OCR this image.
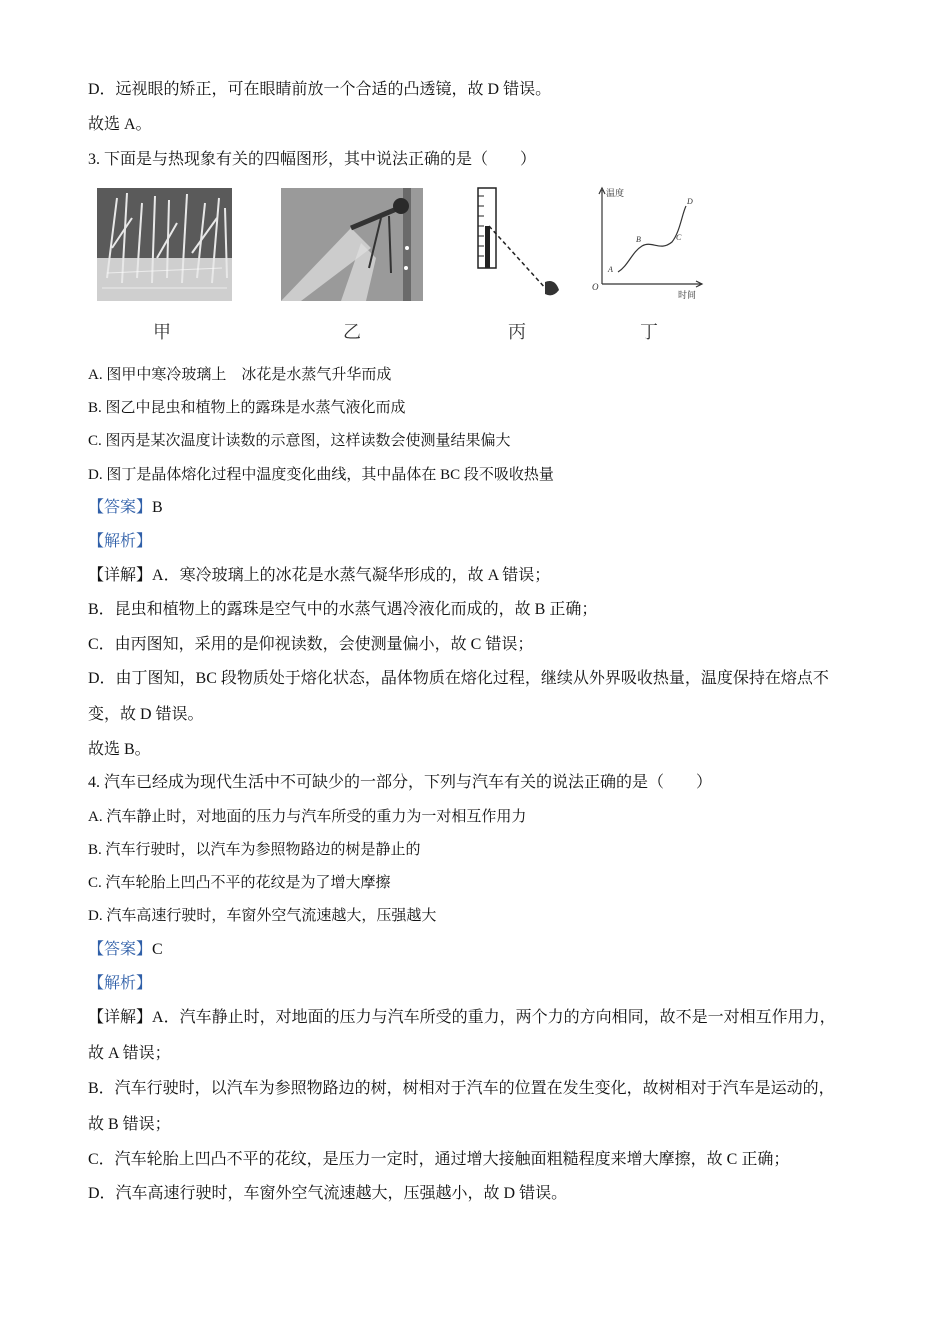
D．远视眼的矫正，可在眼睛前放一个合适的凸透镜，故 D 错误。
故选 A。
3. 下面是与热现象有关的四幅图形，其中说法正确的是（　　）
温度
时间
O
A
B	C
D
甲	乙	丙	丁
A. 图甲中寒冷玻璃上　冰花是水蒸气升华而成
B. 图乙中昆虫和植物上的露珠是水蒸气液化而成
C. 图丙是某次温度计读数的示意图，这样读数会使测量结果偏大
D. 图丁是晶体熔化过程中温度变化曲线，其中晶体在 BC 段不吸收热量
【答案】B
【解析】
【详解】A．寒冷玻璃上的冰花是水蒸气凝华形成的，故 A 错误；
B．昆虫和植物上的露珠是空气中的水蒸气遇冷液化而成的，故 B 正确；
C．由丙图知，采用的是仰视读数，会使测量偏小，故 C 错误；
D．由丁图知，BC 段物质处于熔化状态，晶体物质在熔化过程，继续从外界吸收热量，温度保持在熔点不
变，故 D 错误。
故选 B。
4. 汽车已经成为现代生活中不可缺少的一部分，下列与汽车有关的说法正确的是（　　）
A. 汽车静止时，对地面的压力与汽车所受的重力为一对相互作用力
B. 汽车行驶时，以汽车为参照物路边的树是静止的
C. 汽车轮胎上凹凸不平的花纹是为了增大摩擦
D. 汽车高速行驶时，车窗外空气流速越大，压强越大
【答案】C
【解析】
【详解】A．汽车静止时，对地面的压力与汽车所受的重力，两个力的方向相同，故不是一对相互作用力，
故 A 错误；
B．汽车行驶时，以汽车为参照物路边的树，树相对于汽车的位置在发生变化，故树相对于汽车是运动的，
故 B 错误；
C．汽车轮胎上凹凸不平的花纹，是压力一定时，通过增大接触面粗糙程度来增大摩擦，故 C 正确；
D．汽车高速行驶时，车窗外空气流速越大，压强越小，故 D 错误。
